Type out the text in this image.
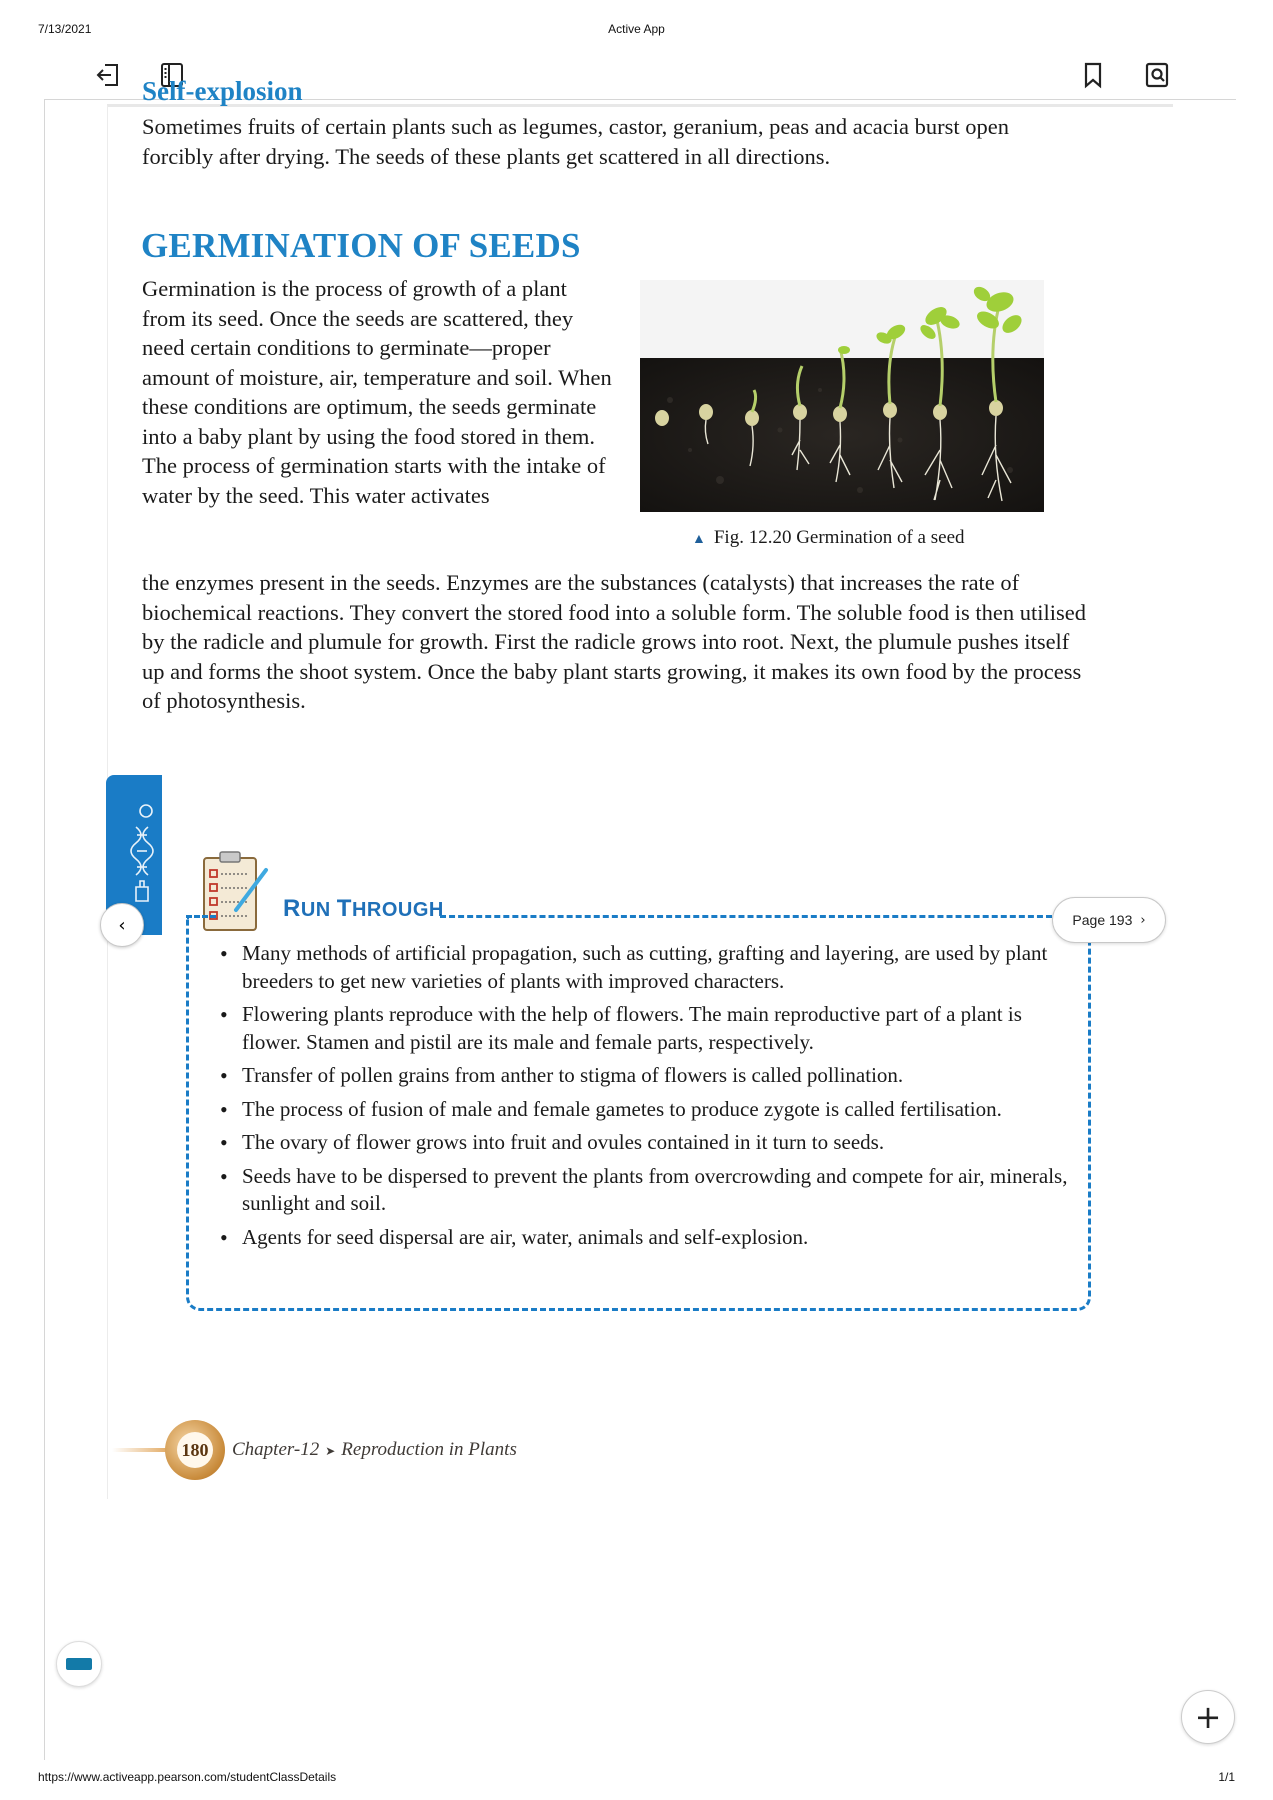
7/13/2021	Active App
Self-explosion
Sometimes fruits of certain plants such as legumes, castor, geranium, peas and acacia burst open forcibly after drying. The seeds of these plants get scattered in all directions.
GERMINATION OF SEEDS
Germination is the process of growth of a plant from its seed. Once the seeds are scattered, they need certain conditions to germinate—proper amount of moisture, air, temperature and soil. When these conditions are optimum, the seeds germinate into a baby plant by using the food stored in them. The process of germination starts with the intake of water by the seed. This water activates
▲ Fig. 12.20 Germination of a seed
the enzymes present in the seeds. Enzymes are the substances (catalysts) that increases the rate of biochemical reactions. They convert the stored food into a soluble form. The soluble food is then utilised by the radicle and plumule for growth. First the radicle grows into root. Next, the plumule pushes itself up and forms the shoot system. Once the baby plant starts growing, it makes its own food by the process of photosynthesis.
‹
RUN THROUGH
• Many methods of artificial propagation, such as cutting, grafting and layering, are used by plant breeders to get new varieties of plants with improved characters.
• Flowering plants reproduce with the help of flowers. The main reproductive part of a plant is flower. Stamen and pistil are its male and female parts, respectively.
• Transfer of pollen grains from anther to stigma of flowers is called pollination.
• The process of fusion of male and female gametes to produce zygote is called fertilisation.
• The ovary of flower grows into fruit and ovules contained in it turn to seeds.
• Seeds have to be dispersed to prevent the plants from overcrowding and compete for air, minerals, sunlight and soil.
• Agents for seed dispersal are air, water, animals and self-explosion.
Page 193 ›
180 Chapter-12 ➤ Reproduction in Plants
+
https://www.activeapp.pearson.com/studentClassDetails	1/1
